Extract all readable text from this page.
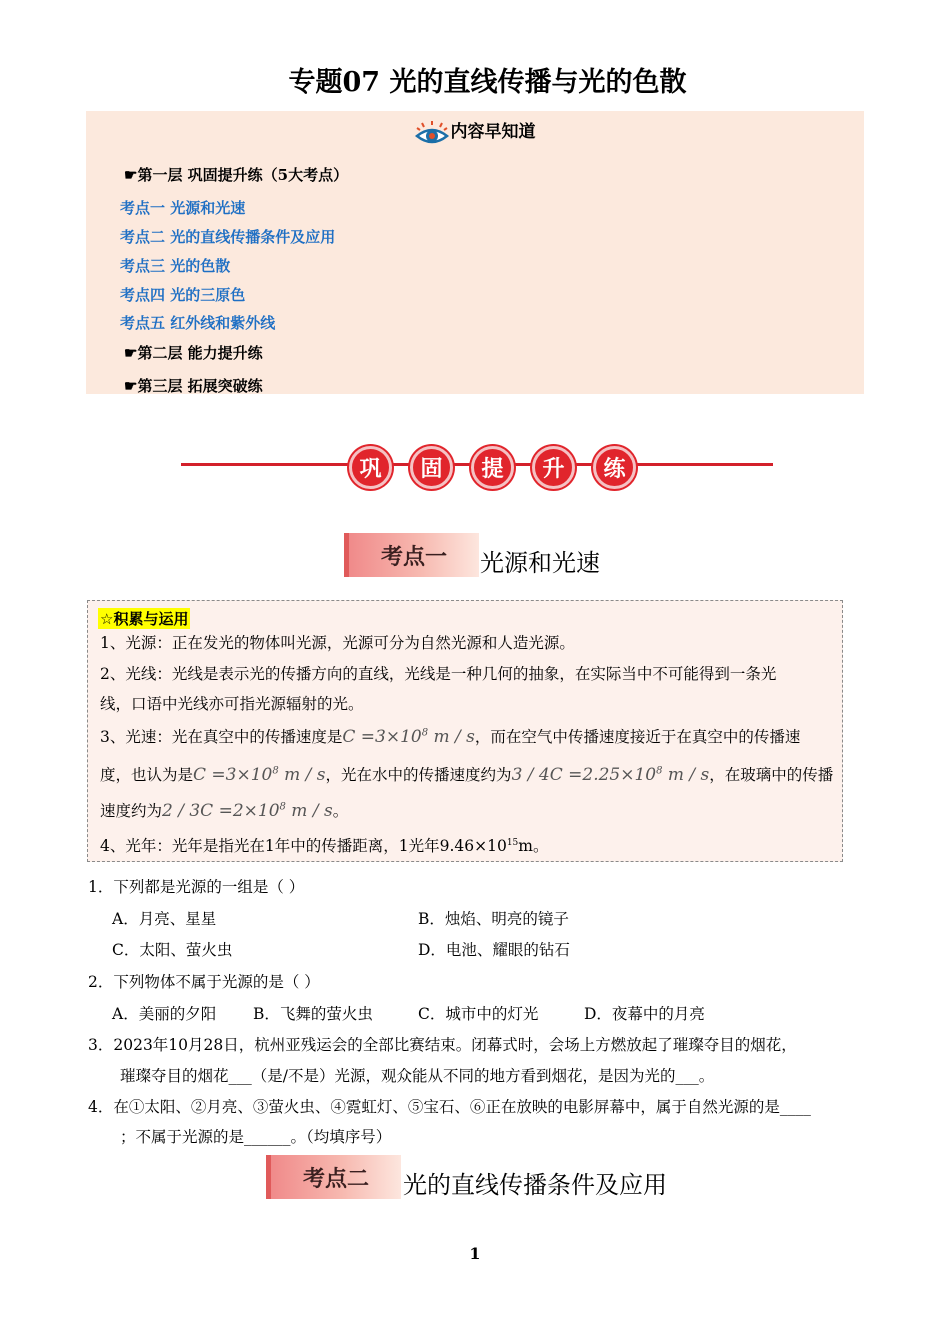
专题07 光的直线传播与光的色散
内容早知道
☛第一层 巩固提升练（5大考点）
考点一 光源和光速
考点二 光的直线传播条件及应用
考点三 光的色散
考点四 光的三原色
考点五 红外线和紫外线
☛第二层 能力提升练
☛第三层 拓展突破练
巩	固	提	升	练
考点一	光源和光速
☆积累与运用
1、光源：正在发光的物体叫光源，光源可分为自然光源和人造光源。
2、光线：光线是表示光的传播方向的直线，光线是一种几何的抽象，在实际当中不可能得到一条光
线，口语中光线亦可指光源辐射的光。
3、光速：光在真空中的传播速度是$C =3\times 10^8$ m / s，而在空气中传播速度接近于在真空中的传播速
度，也认为是$C =3\times 10^8$ m / s，光在水中的传播速度约为$3 / 4C =2.25\times 10^8$ m / s，在玻璃中的传播
速度约为$2 / 3C =2\times 10^8$ m / s。
4、光年：光年是指光在1年中的传播距离，1光年$9.46\times 10^{15}m$。
1．下列都是光源的一组是（ ）
A．月亮、星星	B．烛焰、明亮的镜子
C．太阳、萤火虫	D．电池、耀眼的钻石
2．下列物体不属于光源的是（ ）
A．美丽的夕阳 B．飞舞的萤火虫	C．城市中的灯光	D．夜幕中的月亮
3．2023年10月28日，杭州亚残运会的全部比赛结束。闭幕式时，会场上方燃放起了璀璨夺目的烟花，
璀璨夺目的烟花___（是/不是）光源，观众能从不同的地方看到烟花，是因为光的___。
4．在①太阳、②月亮、③萤火虫、④霓虹灯、⑤宝石、⑥正在放映的电影屏幕中，属于自然光源的是____
；不属于光源的是______。（均填序号）
考点二	光的直线传播条件及应用
1
